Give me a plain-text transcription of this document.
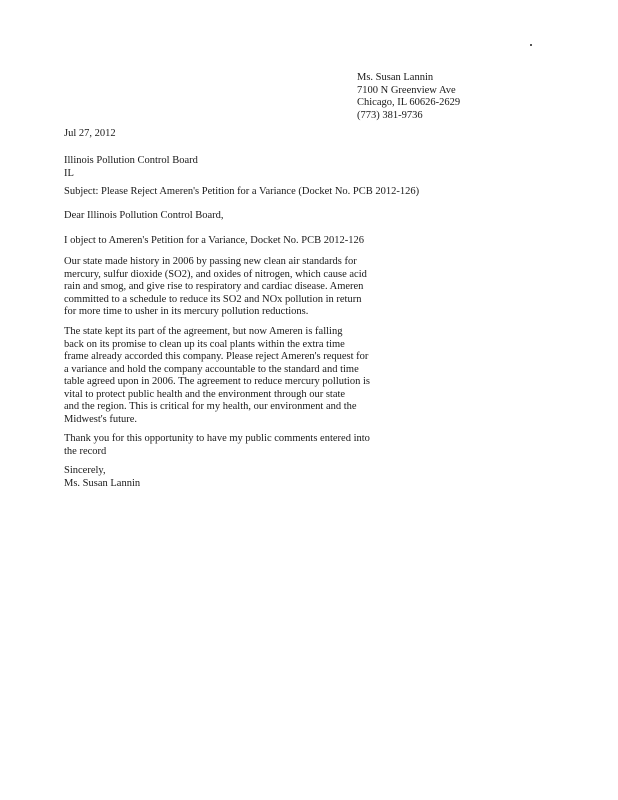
Ms. Susan Lannin
7100 N Greenview Ave
Chicago, IL 60626-2629
(773) 381-9736
Jul 27, 2012
Illinois Pollution Control Board
IL
Subject: Please Reject Ameren's Petition for a Variance (Docket No. PCB 2012-126)
Dear Illinois Pollution Control Board,
I object to Ameren's Petition for a Variance, Docket No. PCB 2012-126
Our state made history in 2006 by passing new clean air standards for
mercury, sulfur dioxide (SO2), and oxides of nitrogen, which cause acid
rain and smog, and give rise to respiratory and cardiac disease. Ameren
committed to a schedule to reduce its SO2 and NOx pollution in return
for more time to usher in its mercury pollution reductions.
The state kept its part of the agreement, but now Ameren is falling
back on its promise to clean up its coal plants within the extra time
frame already accorded this company. Please reject Ameren's request for
a variance and hold the company accountable to the standard and time
table agreed upon in 2006. The agreement to reduce mercury pollution is
vital to protect public health and the environment through our state
and the region. This is critical for my health, our environment and the
Midwest's future.
Thank you for this opportunity to have my public comments entered into
the record
Sincerely,
Ms. Susan Lannin
